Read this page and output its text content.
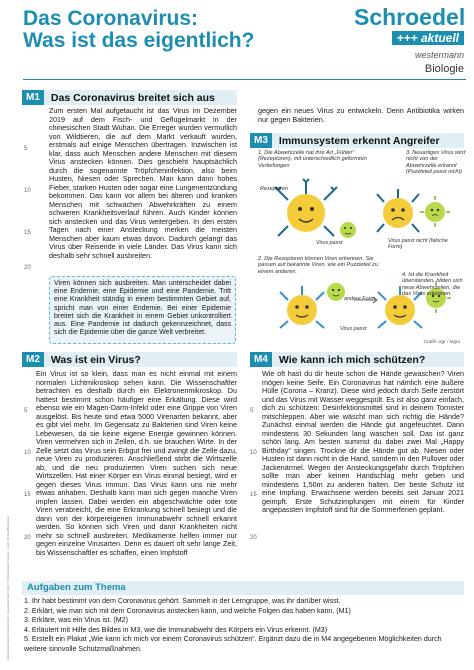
Aktuell-Materialien Februar 2020 | aktualisiert März 2021 | © Westermann Gruppe · Autor: Roland Bergmann
Das Coronavirus:
Was ist das eigentlich?
Schroedel
+++ aktuell
westermann
Biologie
M1	Das Coronavirus breitet sich aus
5
10
15
20

Zum ersten Mal aufgetaucht ist das Virus im Dezember 2019 auf dem Fisch- und Geflügelmarkt in der chinesischen Stadt Wuhan. Die Erreger wurden vermutlich von Wildtieren, die auf dem Markt verkauft wurden, erstmals auf einige Menschen übertragen. Inzwischen ist klar, dass auch Menschen andere Menschen mit diesem Virus anstecken können. Dies geschieht hauptsächlich durch die sogenannte Tröpfcheninfektion, also beim Husten, Niesen oder Sprechen. Man kann dann hohes Fieber, starken Husten oder sogar eine Lungenentzündung bekommen. Das kann vor allem bei älteren und kranken Menschen mit schwachen Abwehrkräften zu einem schweren Krankheitsverlauf führen. Auch Kinder können sich anstecken und das Virus weitergeben. In den ersten Tagen nach einer Ansteckung merken die meisten Menschen aber kaum etwas davon. Dadurch gelangt das Virus über Reisende in viele Länder. Das Virus kann sich deshalb sehr schnell ausbreiten.

gegen ein neues Virus zu entwickeln. Denn Antibiotika wirken nur gegen Bakterien.

Viren können sich ausbreiten. Man unterscheidet dabei eine Endemie, eine Epidemie und eine Pandemie. Tritt eine Krankheit ständig in einem bestimmten Gebiet auf, spricht man von einer Endemie. Bei einer Epidemie breitet sich die Krankheit in einem Gebiet unkontrolliert aus. Eine Pandemie ist dadurch gekennzeichnet, dass sich die Epidemie über die ganze Welt verbreitet.
M3	Immunsystem erkennt Angreifer
1. Die Abwehrzelle hat ihre Art „Fühler“ (Rezeptoren), mit unterschiedlich geformten Vertiefungen
3. Neuartiges Virus wird nicht von der Abwehrzelle erkannt (Puzzleteil passt nicht)
Rezeptoren
Virus passt	Virus passt nicht (falsche Form)
2. Die Rezeptoren können Viren erkennen. Sie passen auf bekannte Viren, wie ein Puzzleteil zu einem anderen.
4. Ist die Krankheit überstanden, bilden sich neue Abwehrzellen, die das Virus erkennen.
andere Form
Virus passt
Grafik: wgr / tegra
M2	Was ist ein Virus?
5
10
15
20

Ein Virus ist so klein, dass man es nicht einmal mit einem normalen Lichtmikroskop sehen kann. Die Wissenschaftler betrachten es deshalb durch ein Elektronenmikroskop. Du hattest bestimmt schon häufiger eine Erkältung. Diese wird ebenso wie ein Magen-Darm-Infekt oder eine Grippe von Viren ausgelöst. Bis heute sind etwa 5000 Virenarten bekannt, aber es gibt viel mehr. Im Gegensatz zu Bakterien sind Viren keine Lebewesen, da sie keine eigene Energie gewinnen können. Viren vermehren sich in Zellen, d.h. sie brauchen Wirte. In der Zelle setzt das Virus sein Erbgut frei und zwingt die Zelle dazu, neue Viren zu produzieren. Anschließend stirbt die Wirtszelle ab, und die neu produzierten Viren suchen sich neue Wirtszellen. Hat einer Körper ein Virus einmal besiegt, wird er gegen dieses Virus immun. Das Virus kann uns nie mehr etwas anhaben. Deshalb kann man sich gegen manche Viren impfen lassen. Dabei werden ein abgeschwächte oder tote Viren verabreicht, die eine Erkrankung schnell besiegt und die dann von der körpereigenen Immunabwehr schnell erkannt werden. So können sich Viren und dann Krankheiten nicht mehr so schnell ausbreiten. Medikamente helfen immer nur gegen einzelne Virusarten. Denn es dauert oft sehr lange Zeit, bis Wissenschaftler es schaffen, einen Impfstoff

M4	Wie kann ich mich schützen?
5
10
15
20

Wie oft hast du dir heute schon die Hände gewaschen? Viren mögen keine Seife. Ein Coronavirus hat nämlich eine äußere Hülle (Corona – Kranz). Diese wird jedoch durch Seife zerstört und das Virus mit Wasser weggespült. Es ist also ganz einfach, dich zu schützen: Desinfektionsmittel sind in deinem Tornister mitschleppen. Aber wie wäscht man sich richtig die Hände? Zunächst einmal werden die Hände gut angefeuchtet. Dann mindestens 30 Sekunden lang waschen soll. Das ist ganz schön lang. Am besten summst du dabei zwei Mal „Happy Birthday“ singen. Trockne dir die Hände gut ab. Niesen oder Husten ist dann nicht in die Hand, sondern in den Pullover oder Jackenärmel. Wegen der Ansteckungsgefahr durch Tröpfchen sollte man aber keinen Handschlag mehr geben und mindestens 1,50m zu anderen halten. Der beste Schutz ist eine Impfung. Erwachsene werden bereits seit Januar 2021 geimpft. Erste Schutzimpfungen mit einem für Kinder angepassten Impfstoff sind für die Sommerferien geplant.

Aufgaben zum Thema
1. Ihr habt bestimmt von dem Coronavirus gehört. Sammelt in der Lerngruppe, was ihr darüber wisst.
2. Erklärt, wie man sich mit dem Coronavirus anstecken kann, und welche Folgen das haben kann. (M1)
3. Erkläre, was ein Virus ist. (M2)
4. Erläutert mit Hilfe des Bildes in M3, wie die Immunabwehr des Körpers ein Virus erkennt. (M3)
5. Erstellt ein Plakat „Wie kann ich mich vor einem Coronavirus schützen“. Ergänzt dazu die in M4 angegebenen Möglichkeiten durch weitere sinnvolle Schutzmaßnahmen.
